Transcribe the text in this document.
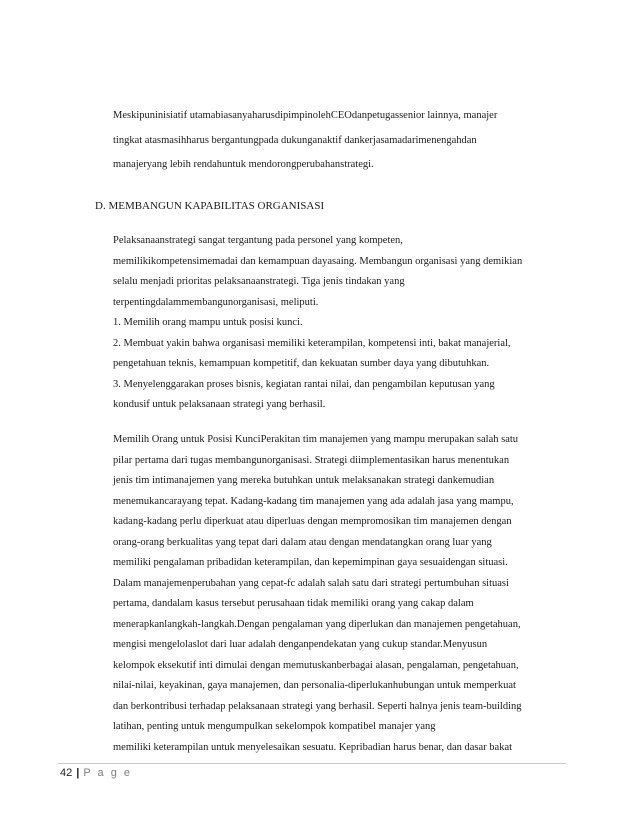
Meskipuninisiatif utamabiasanyaharusdipimpinolehCEOdanpetugassenior lainnya, manajer
tingkat atasmasihharus bergantungpada dukunganaktif dankerjasamadarimenengahdan
manajeryang lebih rendahuntuk mendorongperubahanstrategi.
D. MEMBANGUN KAPABILITAS ORGANISASI
Pelaksanaanstrategi sangat tergantung pada personel yang kompeten,
memilikikompetensimemadai dan kemampuan dayasaing. Membangun organisasi yang demikian
selalu menjadi prioritas pelaksanaanstrategi. Tiga jenis tindakan yang
terpentingdalammembangunorganisasi, meliputi.
1. Memilih orang mampu untuk posisi kunci.
2. Membuat yakin bahwa organisasi memiliki keterampilan, kompetensi inti, bakat manajerial,
pengetahuan teknis, kemampuan kompetitif, dan kekuatan sumber daya yang dibutuhkan.
3. Menyelenggarakan proses bisnis, kegiatan rantai nilai, dan pengambilan keputusan yang
kondusif untuk pelaksanaan strategi yang berhasil.
Memilih Orang untuk Posisi KunciPerakitan tim manajemen yang mampu merupakan salah satu
pilar pertama dari tugas membangunorganisasi. Strategi diimplementasikan harus menentukan
jenis tim intimanajemen yang mereka butuhkan untuk melaksanakan strategi dankemudian
menemukancarayang tepat. Kadang-kadang tim manajemen yang ada adalah jasa yang mampu,
kadang-kadang perlu diperkuat atau diperluas dengan mempromosikan tim manajemen dengan
orang-orang berkualitas yang tepat dari dalam atau dengan mendatangkan orang luar yang
memiliki pengalaman pribadidan keterampilan, dan kepemimpinan gaya sesuaidengan situasi.
Dalam manajemenperubahan yang cepat-fc adalah salah satu dari strategi pertumbuhan situasi
pertama, dandalam kasus tersebut perusahaan tidak memiliki orang yang cakap dalam
menerapkanlangkah-langkah.Dengan pengalaman yang diperlukan dan manajemen pengetahuan,
mengisi mengelolaslot dari luar adalah denganpendekatan yang cukup standar.Menyusun
kelompok eksekutif inti dimulai dengan memutuskanberbagai alasan, pengalaman, pengetahuan,
nilai-nilai, keyakinan, gaya manajemen, dan personalia-diperlukanhubungan untuk memperkuat
dan berkontribusi terhadap pelaksanaan strategi yang berhasil. Seperti halnya jenis team-building
latihan, penting untuk mengumpulkan sekelompok kompatibel manajer yang
memiliki keterampilan untuk menyelesaikan sesuatu. Kepribadian harus benar, dan dasar bakat
42 | P a g e
